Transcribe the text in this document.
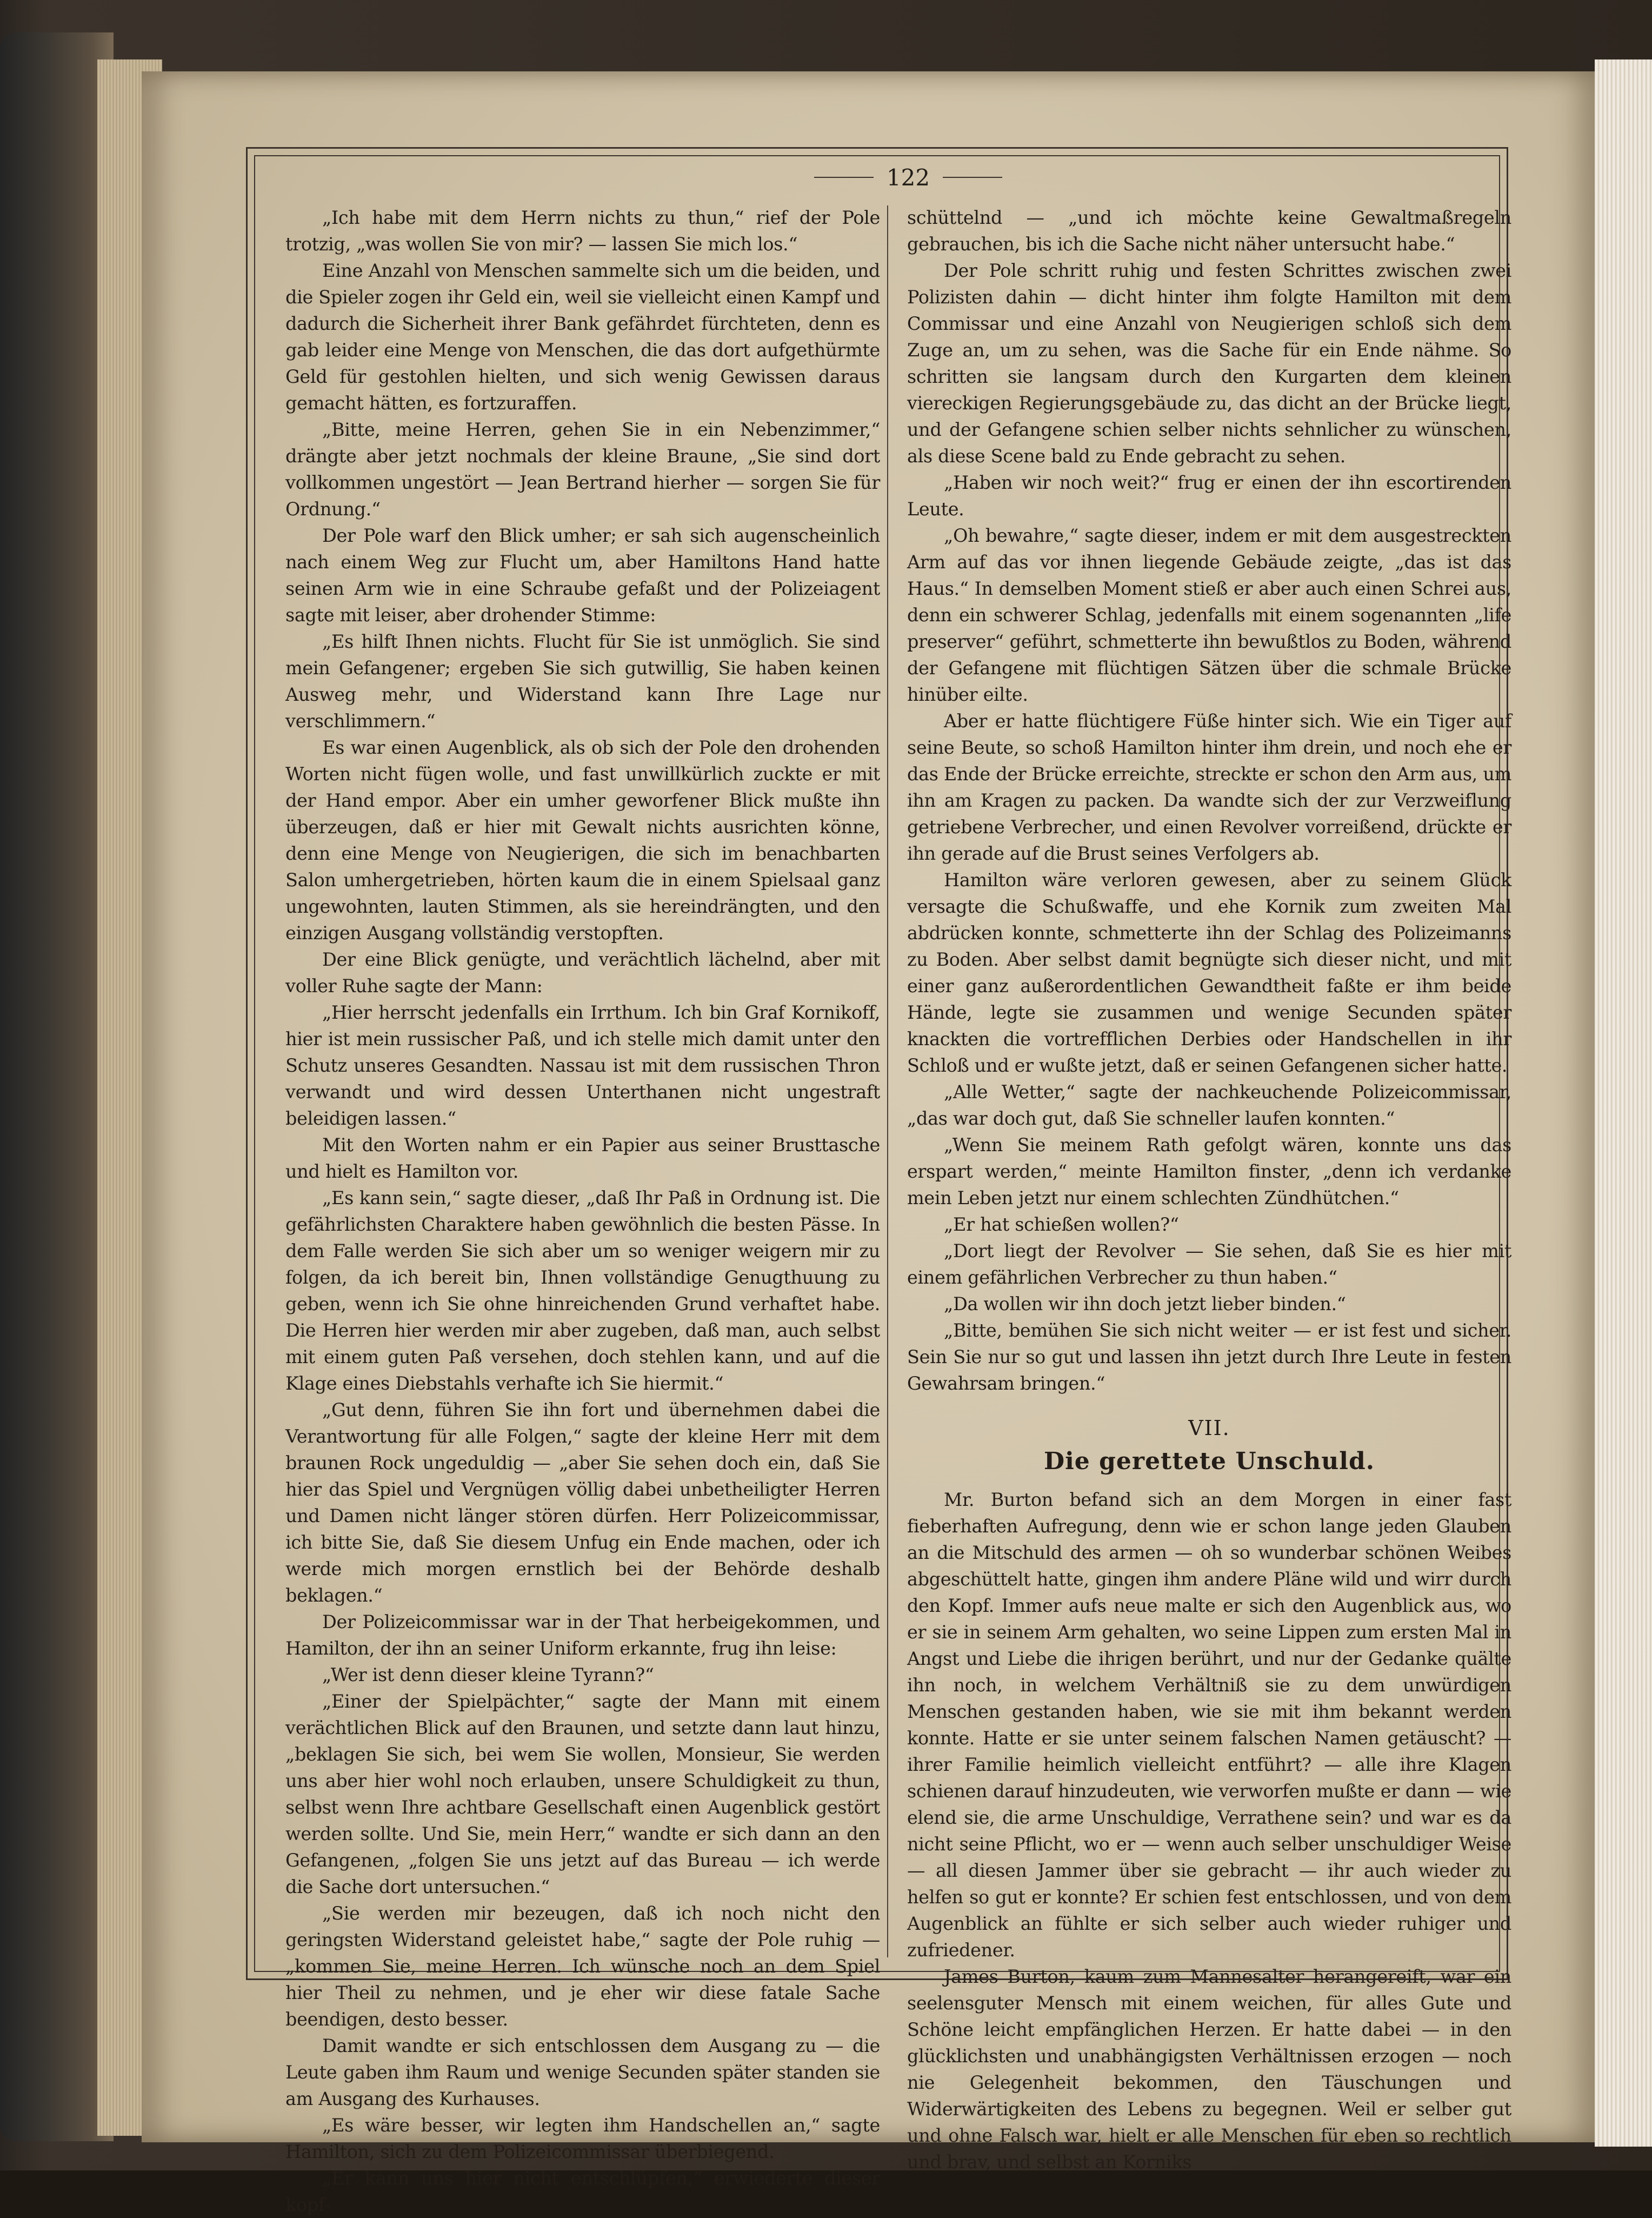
122

„Ich habe mit dem Herrn nichts zu thun,“ rief der Pole trotzig, „was wollen Sie von mir? — lassen Sie mich los.“

Eine Anzahl von Menschen sammelte sich um die beiden, und die Spieler zogen ihr Geld ein, weil sie vielleicht einen Kampf und dadurch die Sicherheit ihrer Bank gefährdet fürchteten, denn es gab leider eine Menge von Menschen, die das dort aufgethürmte Geld für gestohlen hielten, und sich wenig Gewissen daraus gemacht hätten, es fortzuraffen.

„Bitte, meine Herren, gehen Sie in ein Nebenzimmer,“ drängte aber jetzt nochmals der kleine Braune, „Sie sind dort vollkommen ungestört — Jean Bertrand hierher — sorgen Sie für Ordnung.“

Der Pole warf den Blick umher; er sah sich augenscheinlich nach einem Weg zur Flucht um, aber Hamiltons Hand hatte seinen Arm wie in eine Schraube gefaßt und der Polizeiagent sagte mit leiser, aber drohender Stimme:

„Es hilft Ihnen nichts. Flucht für Sie ist unmöglich. Sie sind mein Gefangener; ergeben Sie sich gutwillig, Sie haben keinen Ausweg mehr, und Widerstand kann Ihre Lage nur verschlimmern.“

Es war einen Augenblick, als ob sich der Pole den drohenden Worten nicht fügen wolle, und fast unwillkürlich zuckte er mit der Hand empor. Aber ein umher geworfener Blick mußte ihn überzeugen, daß er hier mit Gewalt nichts ausrichten könne, denn eine Menge von Neugierigen, die sich im benachbarten Salon umhergetrieben, hörten kaum die in einem Spielsaal ganz ungewohnten, lauten Stimmen, als sie hereindrängten, und den einzigen Ausgang vollständig verstopften.

Der eine Blick genügte, und verächtlich lächelnd, aber mit voller Ruhe sagte der Mann:

„Hier herrscht jedenfalls ein Irrthum. Ich bin Graf Kornikoff, hier ist mein russischer Paß, und ich stelle mich damit unter den Schutz unseres Gesandten. Nassau ist mit dem russischen Thron verwandt und wird dessen Unterthanen nicht ungestraft beleidigen lassen.“

Mit den Worten nahm er ein Papier aus seiner Brusttasche und hielt es Hamilton vor.

„Es kann sein,“ sagte dieser, „daß Ihr Paß in Ordnung ist. Die gefährlichsten Charaktere haben gewöhnlich die besten Pässe. In dem Falle werden Sie sich aber um so weniger weigern mir zu folgen, da ich bereit bin, Ihnen vollständige Genugthuung zu geben, wenn ich Sie ohne hinreichenden Grund verhaftet habe. Die Herren hier werden mir aber zugeben, daß man, auch selbst mit einem guten Paß versehen, doch stehlen kann, und auf die Klage eines Diebstahls verhafte ich Sie hiermit.“

„Gut denn, führen Sie ihn fort und übernehmen dabei die Verantwortung für alle Folgen,“ sagte der kleine Herr mit dem braunen Rock ungeduldig — „aber Sie sehen doch ein, daß Sie hier das Spiel und Vergnügen völlig dabei unbetheiligter Herren und Damen nicht länger stören dürfen. Herr Polizeicommissar, ich bitte Sie, daß Sie diesem Unfug ein Ende machen, oder ich werde mich morgen ernstlich bei der Behörde deshalb beklagen.“

Der Polizeicommissar war in der That herbeigekommen, und Hamilton, der ihn an seiner Uniform erkannte, frug ihn leise:

„Wer ist denn dieser kleine Tyrann?“

„Einer der Spielpächter,“ sagte der Mann mit einem verächtlichen Blick auf den Braunen, und setzte dann laut hinzu, „beklagen Sie sich, bei wem Sie wollen, Monsieur, Sie werden uns aber hier wohl noch erlauben, unsere Schuldigkeit zu thun, selbst wenn Ihre achtbare Gesellschaft einen Augenblick gestört werden sollte. Und Sie, mein Herr,“ wandte er sich dann an den Gefangenen, „folgen Sie uns jetzt auf das Bureau — ich werde die Sache dort untersuchen.“

„Sie werden mir bezeugen, daß ich noch nicht den geringsten Widerstand geleistet habe,“ sagte der Pole ruhig — „kommen Sie, meine Herren. Ich wünsche noch an dem Spiel hier Theil zu nehmen, und je eher wir diese fatale Sache beendigen, desto besser.

Damit wandte er sich entschlossen dem Ausgang zu — die Leute gaben ihm Raum und wenige Secunden später standen sie am Ausgang des Kurhauses.

„Es wäre besser, wir legten ihm Handschellen an,“ sagte Hamilton, sich zu dem Polizeicommissar überbiegend.

„Er kann uns hier nicht entschlüpfen,“ erwiederte dieser kopf-

schüttelnd — „und ich möchte keine Gewaltmaßregeln gebrauchen, bis ich die Sache nicht näher untersucht habe.“

Der Pole schritt ruhig und festen Schrittes zwischen zwei Polizisten dahin — dicht hinter ihm folgte Hamilton mit dem Commissar und eine Anzahl von Neugierigen schloß sich dem Zuge an, um zu sehen, was die Sache für ein Ende nähme. So schritten sie langsam durch den Kurgarten dem kleinen viereckigen Regierungsgebäude zu, das dicht an der Brücke liegt, und der Gefangene schien selber nichts sehnlicher zu wünschen, als diese Scene bald zu Ende gebracht zu sehen.

„Haben wir noch weit?“ frug er einen der ihn escortirenden Leute.

„Oh bewahre,“ sagte dieser, indem er mit dem ausgestreckten Arm auf das vor ihnen liegende Gebäude zeigte, „das ist das Haus.“ In demselben Moment stieß er aber auch einen Schrei aus, denn ein schwerer Schlag, jedenfalls mit einem sogenannten „life preserver“ geführt, schmetterte ihn bewußtlos zu Boden, während der Gefangene mit flüchtigen Sätzen über die schmale Brücke hinüber eilte.

Aber er hatte flüchtigere Füße hinter sich. Wie ein Tiger auf seine Beute, so schoß Hamilton hinter ihm drein, und noch ehe er das Ende der Brücke erreichte, streckte er schon den Arm aus, um ihn am Kragen zu packen. Da wandte sich der zur Verzweiflung getriebene Verbrecher, und einen Revolver vorreißend, drückte er ihn gerade auf die Brust seines Verfolgers ab.

Hamilton wäre verloren gewesen, aber zu seinem Glück versagte die Schußwaffe, und ehe Kornik zum zweiten Mal abdrücken konnte, schmetterte ihn der Schlag des Polizeimanns zu Boden. Aber selbst damit begnügte sich dieser nicht, und mit einer ganz außerordentlichen Gewandtheit faßte er ihm beide Hände, legte sie zusammen und wenige Secunden später knackten die vortrefflichen Derbies oder Handschellen in ihr Schloß und er wußte jetzt, daß er seinen Gefangenen sicher hatte.

„Alle Wetter,“ sagte der nachkeuchende Polizeicommissar, „das war doch gut, daß Sie schneller laufen konnten.“

„Wenn Sie meinem Rath gefolgt wären, konnte uns das erspart werden,“ meinte Hamilton finster, „denn ich verdanke mein Leben jetzt nur einem schlechten Zündhütchen.“

„Er hat schießen wollen?“

„Dort liegt der Revolver — Sie sehen, daß Sie es hier mit einem gefährlichen Verbrecher zu thun haben.“

„Da wollen wir ihn doch jetzt lieber binden.“

„Bitte, bemühen Sie sich nicht weiter — er ist fest und sicher. Sein Sie nur so gut und lassen ihn jetzt durch Ihre Leute in festen Gewahrsam bringen.“

VII.
Die gerettete Unschuld.

Mr. Burton befand sich an dem Morgen in einer fast fieberhaften Aufregung, denn wie er schon lange jeden Glauben an die Mitschuld des armen — oh so wunderbar schönen Weibes abgeschüttelt hatte, gingen ihm andere Pläne wild und wirr durch den Kopf. Immer aufs neue malte er sich den Augenblick aus, wo er sie in seinem Arm gehalten, wo seine Lippen zum ersten Mal in Angst und Liebe die ihrigen berührt, und nur der Gedanke quälte ihn noch, in welchem Verhältniß sie zu dem unwürdigen Menschen gestanden haben, wie sie mit ihm bekannt werden konnte. Hatte er sie unter seinem falschen Namen getäuscht? — ihrer Familie heimlich vielleicht entführt? — alle ihre Klagen schienen darauf hinzudeuten, wie verworfen mußte er dann — wie elend sie, die arme Unschuldige, Verrathene sein? und war es da nicht seine Pflicht, wo er — wenn auch selber unschuldiger Weise — all diesen Jammer über sie gebracht — ihr auch wieder zu helfen so gut er konnte? Er schien fest entschlossen, und von dem Augenblick an fühlte er sich selber auch wieder ruhiger und zufriedener.

James Burton, kaum zum Mannesalter herangereift, war ein seelensguter Mensch mit einem weichen, für alles Gute und Schöne leicht empfänglichen Herzen. Er hatte dabei — in den glücklichsten und unabhängigsten Verhältnissen erzogen — noch nie Gelegenheit bekommen, den Täuschungen und Widerwärtigkeiten des Lebens zu begegnen. Weil er selber gut und ohne Falsch war, hielt er alle Menschen für eben so rechtlich und brav, und selbst an Korniks
